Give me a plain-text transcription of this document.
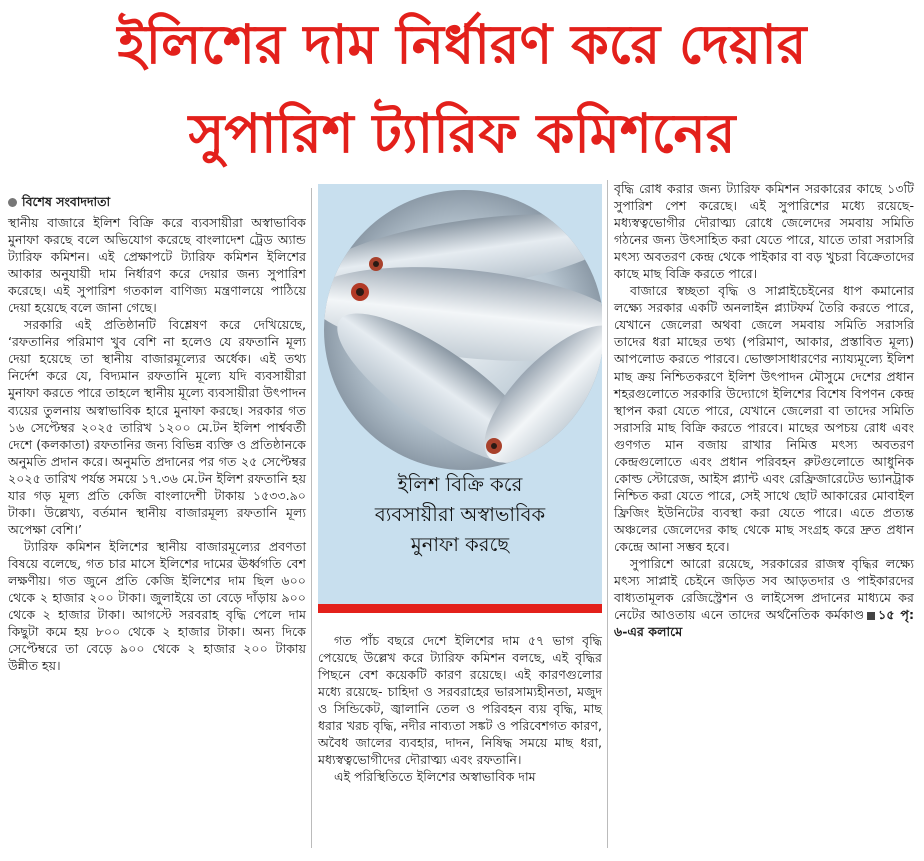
ইলিশের দাম নির্ধারণ করে দেয়ার
সুপারিশ ট্যারিফ কমিশনের
বিশেষ সংবাদদাতা

স্থানীয় বাজারে ইলিশ বিক্রি করে ব্যবসায়ীরা অস্বাভাবিক মুনাফা করছে বলে অভিযোগ করেছে বাংলাদেশ ট্রেড অ্যান্ড ট্যারিফ কমিশন। এই প্রেক্ষাপটে ট্যারিফ কমিশন ইলিশের আকার অনুযায়ী দাম নির্ধারণ করে দেয়ার জন্য সুপারিশ করেছে। এই সুপারিশ গতকাল বাণিজ্য মন্ত্রণালয়ে পাঠিয়ে দেয়া হয়েছে বলে জানা গেছে।

সরকারি এই প্রতিষ্ঠানটি বিশ্লেষণ করে দেখিয়েছে, ‘রফতানির পরিমাণ খুব বেশি না হলেও যে রফতানি মূল্য দেয়া হয়েছে তা স্থানীয় বাজারমূল্যের অর্ধেক। এই তথ্য নির্দেশ করে যে, বিদ্যমান রফতানি মূল্যে যদি ব্যবসায়ীরা মুনাফা করতে পারে তাহলে স্থানীয় মূল্যে ব্যবসায়ীরা উৎপাদন ব্যয়ের তুলনায় অস্বাভাবিক হারে মুনাফা করছে। সরকার গত ১৬ সেপ্টেম্বর ২০২৫ তারিখ ১২০০ মে.টন ইলিশ পার্শ্ববর্তী দেশে (কলকাতা) রফতানির জন্য বিভিন্ন ব্যক্তি ও প্রতিষ্ঠানকে অনুমতি প্রদান করে। অনুমতি প্রদানের পর গত ২৫ সেপ্টেম্বর ২০২৫ তারিখ পর্যন্ত সময়ে ১৭.৩৬ মে.টন ইলিশ রফতানি হয় যার গড় মূল্য প্রতি কেজি বাংলাদেশী টাকায় ১৫৩৩.৯০ টাকা। উল্লেখ্য, বর্তমান স্থানীয় বাজারমূল্য রফতানি মূল্য অপেক্ষা বেশি।’

ট্যারিফ কমিশন ইলিশের স্থানীয় বাজারমূল্যের প্রবণতা বিষয়ে বলেছে, গত চার মাসে ইলিশের দামের ঊর্ধ্বগতি বেশ লক্ষণীয়। গত জুনে প্রতি কেজি ইলিশের দাম ছিল ৬০০ থেকে ২ হাজার ২০০ টাকা। জুলাইয়ে তা বেড়ে দাঁড়ায় ৯০০ থেকে ২ হাজার টাকা। আগস্টে সরবরাহ বৃদ্ধি পেলে দাম কিছুটা কমে হয় ৮০০ থেকে ২ হাজার টাকা। অন্য দিকে সেপ্টেম্বরে তা বেড়ে ৯০০ থেকে ২ হাজার ২০০ টাকায় উন্নীত হয়।

ইলিশ বিক্রি করে
ব্যবসায়ীরা অস্বাভাবিক
মুনাফা করছে

গত পাঁচ বছরে দেশে ইলিশের দাম ৫৭ ভাগ বৃদ্ধি পেয়েছে উল্লেখ করে ট্যারিফ কমিশন বলছে, এই বৃদ্ধির পিছনে বেশ কয়েকটি কারণ রয়েছে। এই কারণগুলোর মধ্যে রয়েছে- চাহিদা ও সরবরাহের ভারসাম্যহীনতা, মজুদ ও সিন্ডিকেট, জ্বালানি তেল ও পরিবহন ব্যয় বৃদ্ধি, মাছ ধরার খরচ বৃদ্ধি, নদীর নাব্যতা সঙ্কট ও পরিবেশগত কারণ, অবৈধ জালের ব্যবহার, দাদন, নিষিদ্ধ সময়ে মাছ ধরা, মধ্যস্বত্বভোগীদের দৌরাত্ম্য এবং রফতানি।

এই পরিস্থিতিতে ইলিশের অস্বাভাবিক দাম

বৃদ্ধি রোধ করার জন্য ট্যারিফ কমিশন সরকারের কাছে ১৩টি সুপারিশ পেশ করেছে। এই সুপারিশের মধ্যে রয়েছে- মধ্যস্বত্বভোগীর দৌরাত্ম্য রোধে জেলেদের সমবায় সমিতি গঠনের জন্য উৎসাহিত করা যেতে পারে, যাতে তারা সরাসরি মৎস্য অবতরণ কেন্দ্র থেকে পাইকার বা বড় খুচরা বিক্রেতাদের কাছে মাছ বিক্রি করতে পারে।

বাজারে স্বচ্ছতা বৃদ্ধি ও সাপ্লাইচেইনের ধাপ কমানোর লক্ষ্যে সরকার একটি অনলাইন প্ল্যাটফর্ম তৈরি করতে পারে, যেখানে জেলেরা অথবা জেলে সমবায় সমিতি সরাসরি তাদের ধরা মাছের তথ্য (পরিমাণ, আকার, প্রস্তাবিত মূল্য) আপলোড করতে পারবে। ভোক্তাসাধারণের ন্যায্যমূল্যে ইলিশ মাছ ক্রয় নিশ্চিতকরণে ইলিশ উৎপাদন মৌসুমে দেশের প্রধান শহরগুলোতে সরকারি উদ্যোগে ইলিশের বিশেষ বিপণন কেন্দ্র স্থাপন করা যেতে পারে, যেখানে জেলেরা বা তাদের সমিতি সরাসরি মাছ বিক্রি করতে পারবে। মাছের অপচয় রোধ এবং গুণগত মান বজায় রাখার নিমিত্ত মৎস্য অবতরণ কেন্দ্রগুলোতে এবং প্রধান পরিবহন রুটগুলোতে আধুনিক কোল্ড স্টোরেজ, আইস প্ল্যান্ট এবং রেফ্রিজারেটেড ভ্যানট্রাক নিশ্চিত করা যেতে পারে, সেই সাথে ছোট আকারের মোবাইল ফ্রিজিং ইউনিটের ব্যবস্থা করা যেতে পারে। এতে প্রত্যন্ত অঞ্চলের জেলেদের কাছ থেকে মাছ সংগ্রহ করে দ্রুত প্রধান কেন্দ্রে আনা সম্ভব হবে।

সুপারিশে আরো রয়েছে, সরকারের রাজস্ব বৃদ্ধির লক্ষ্যে মৎস্য সাপ্লাই চেইনে জড়িত সব আড়তদার ও পাইকারদের বাধ্যতামূলক রেজিস্ট্রেশন ও লাইসেন্স প্রদানের মাধ্যমে কর নেটের আওতায় এনে তাদের অর্থনৈতিক কর্মকাণ্ড ১৫ পৃ: ৬-এর কলামে
